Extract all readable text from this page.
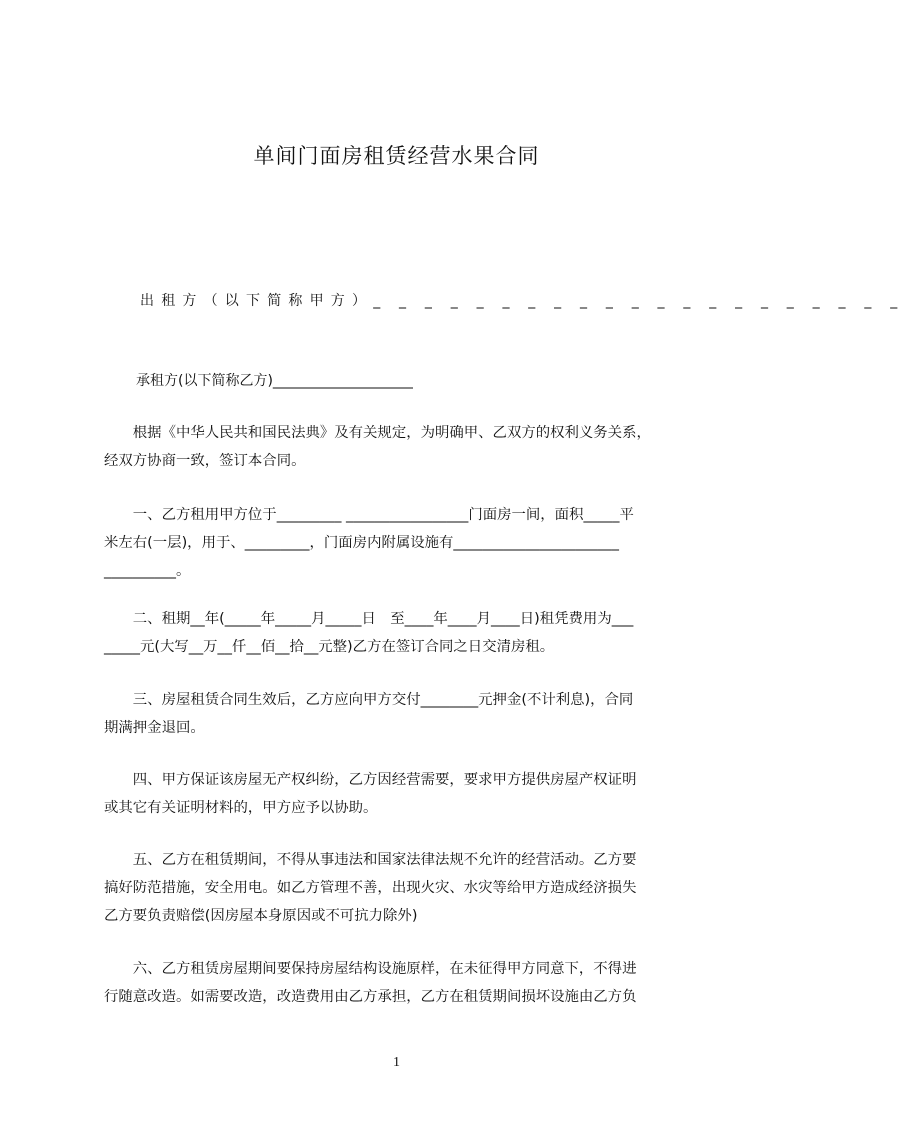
单间门面房租赁经营水果合同
出租方（以下简称甲方）_ _ _ _ _ _ _ _ _ _ _ _ _ _ _ _ _ _ _ _ _
承租方(以下简称乙方)____________________
　　根据《中华人民共和国民法典》及有关规定，为明确甲、乙双方的权利义务关系，
经双方协商一致，签订本合同。
　　一、乙方租用甲方位于_________ _________________门面房一间，面积_____平
米左右(一层)，用于、_________，门面房内附属设施有_______________________
__________。
　　二、租期__年(_____年_____月_____日　至____年____月____日)租凭费用为___
_____元(大写__万__仟__佰__拾__元整)乙方在签订合同之日交清房租。
　　三、房屋租赁合同生效后，乙方应向甲方交付________元押金(不计利息)，合同
期满押金退回。
　　四、甲方保证该房屋无产权纠纷，乙方因经营需要，要求甲方提供房屋产权证明
或其它有关证明材料的，甲方应予以协助。
　　五、乙方在租赁期间，不得从事违法和国家法律法规不允许的经营活动。乙方要
搞好防范措施，安全用电。如乙方管理不善，出现火灾、水灾等给甲方造成经济损失
乙方要负责赔偿(因房屋本身原因或不可抗力除外)
　　六、乙方租赁房屋期间要保持房屋结构设施原样，在未征得甲方同意下，不得进
行随意改造。如需要改造，改造费用由乙方承担，乙方在租赁期间损坏设施由乙方负
1
